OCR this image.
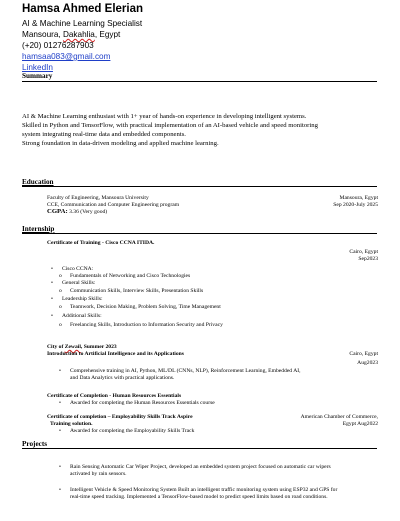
Hamsa Ahmed Elerian
AI & Machine Learning Specialist
Mansoura, Dakahlia, Egypt
(+20) 01276287903
hamsaa083@gmail.com
LinkedIn
Summary
AI & Machine Learning enthusiast with 1+ year of hands-on experience in developing intelligent systems.
Skilled in Python and TensorFlow, with practical implementation of an AI-based vehicle and speed monitoring
system integrating real-time data and embedded components.
Strong foundation in data-driven modeling and applied machine learning.
Education
Faculty of Engineering, Mansoura University
CCE, Communication and Computer Engineering program
CGPA: 3.36 (Very good)
Mansoura, Egypt
Sep 2020-July 2025
Internship
Certificate of Training - Cisco CCNA ITIDA.
Cairo, Egypt
Sep2023
• Cisco CCNA:
o Fundamentals of Networking and Cisco Technologies
• General Skills:
o Communication Skills, Interview Skills, Presentation Skills
• Leadership Skills:
o Teamwork, Decision Making, Problem Solving, Time Management
• Additional Skills:
o Freelancing Skills, Introduction to Information Security and Privacy
City of Zewail, Summer 2023
Introduction to Artificial Intelligence and its Applications	Cairo, Egypt
Aug2023
• Comprehensive training in AI, Python, ML/DL (CNNs, NLP), Reinforcement Learning, Embedded AI,
and Data Analytics with practical applications.
Certificate of Completion - Human Resources Essentials
• Awarded for completing the Human Resources Essentials course
Certificate of completion – Employability Skills Track Aspire
Training solution.
American Chamber of Commerce,
Egypt Aug2022
• Awarded for completing the Employability Skills Track
Projects
• Rain Sensing Automatic Car Wiper Project, developed an embedded system project focused on automatic car wipers
activated by rain sensors.
• Intelligent Vehicle & Speed Monitoring System Built an intelligent traffic monitoring system using ESP32 and GPS for
real-time speed tracking. Implemented a TensorFlow-based model to predict speed limits based on road conditions.
